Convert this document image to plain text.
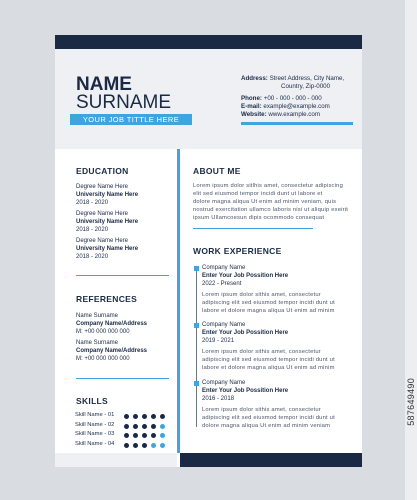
587649490
NAME
SURNAME
YOUR JOB TITTLE HERE
Address: Street Address, City Name,
Country, Zip-0000
Phone: +00 - 000 - 000 - 000
E-mail: example@example.com
Website: www.example.com
EDUCATION
Degree Name Here
University Name Here
2018 - 2020
Degree Name Here
University Name Here
2018 - 2020
Degree Name Here
University Name Here
2018 - 2020
REFERENCES
Name Surname
Company Name/Address
M: +00 000 000 000
Name Surname
Company Name/Address
M: +00 000 000 000
SKILLS
Skill Name - 01
Skill Name - 02
Skill Name - 03
Skill Name - 04
ABOUT ME
Lorem ipsum dolor sitlhis amet, consectetur adipiscing
elit sed eiusmod tempor incidi dunt ut labore et
dolore magna aliqua Ut enim ad minim veniam, quis
nostrud exercitation ullamco laboris nisi ut aliquip exeirit
ipsum Ullamcoesun dipis ocommodo consequat
WORK EXPERIENCE
Company Name
Enter Your Job Possition Here
2022 - Present
Lorem ipsum dolor sithis amet, consectetur
adipiscing elit sed eiusmod tempor incidi dunt ut
labore et dolore magna aliqua Ut enim ad minim
Company Name
Enter Your Job Possition Here
2019 - 2021
Lorem ipsum dolor sithis amet, consectetur
adipiscing elit sed eiusmod tempor incidi dunt ut
labore et dolore magna aliqua Ut enim ad minim
Company Name
Enter Your Job Possition Here
2016 - 2018
Lorem ipsum dolor sithis amet, consectetur
adipiscing elit sed eiusmod tempor incidi dunt ut
dolore magna aliqua Ut enim ad minim veniam
